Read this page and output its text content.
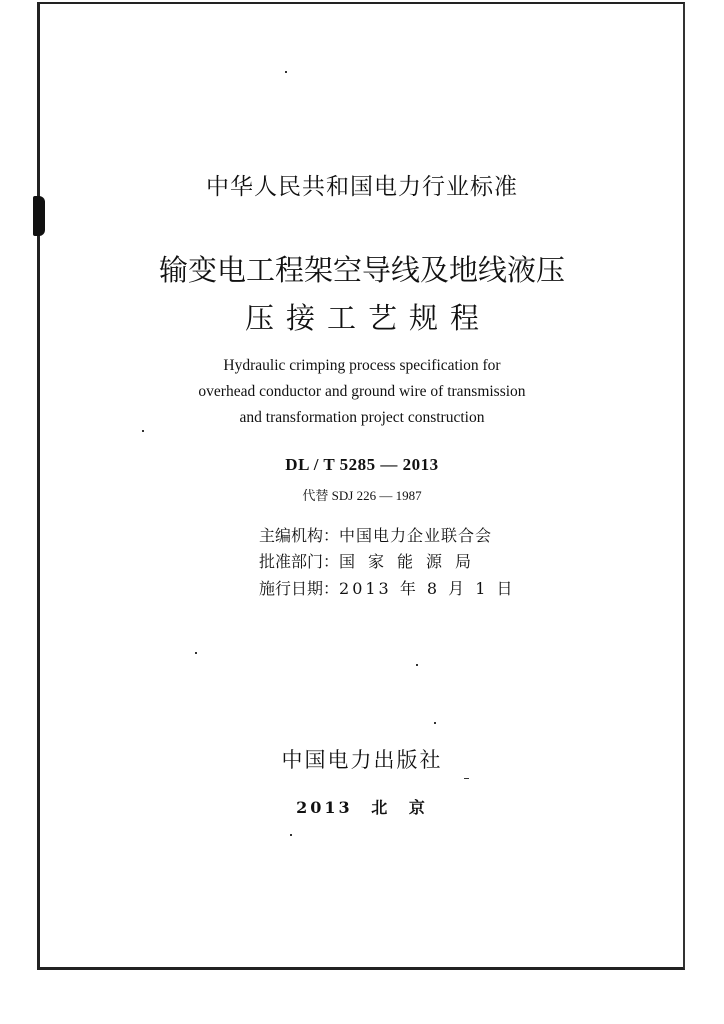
中华人民共和国电力行业标准
输变电工程架空导线及地线液压
压接工艺规程
Hydraulic crimping process specification for
overhead conductor and ground wire of transmission
and transformation project construction
DL / T 5285 — 2013
代替 SDJ 226 — 1987
主编机构：中国电力企业联合会
批准部门：国家能源局
施行日期：2013 年 8 月 1 日
中国电力出版社
2013 北 京
